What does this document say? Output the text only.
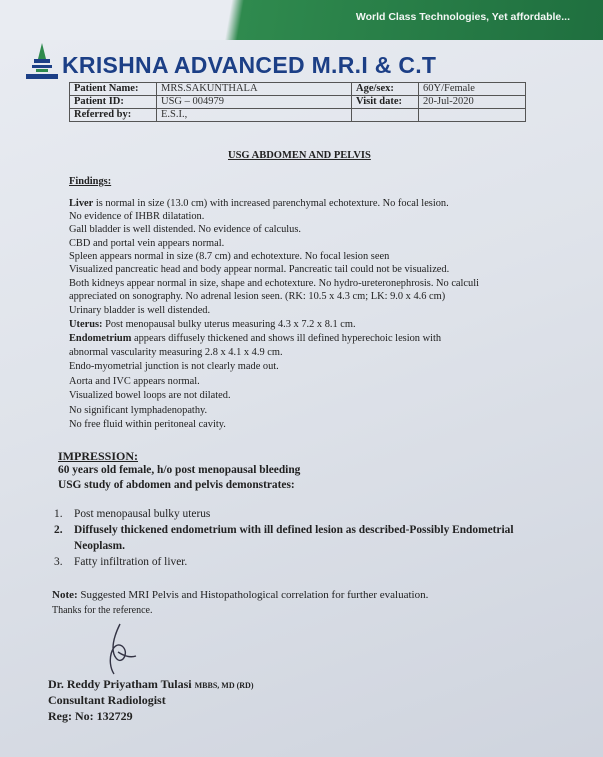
World Class Technologies, Yet affordable...
KRISHNA ADVANCED M.R.I & C.T
Patient Name:	MRS.SAKUNTHALA	Age/sex:	60Y/Female
Patient ID:	USG – 004979	Visit date:	20-Jul-2020
Referred by:	E.S.I.,		
USG ABDOMEN AND PELVIS
Findings:
Liver is normal in size (13.0 cm) with increased parenchymal echotexture. No focal lesion.
No evidence of IHBR dilatation.
Gall bladder is well distended. No evidence of calculus.
CBD and portal vein appears normal.
Spleen appears normal in size (8.7 cm) and echotexture. No focal lesion seen
Visualized pancreatic head and body appear normal. Pancreatic tail could not be visualized.
Both kidneys appear normal in size, shape and echotexture. No hydro-ureteronephrosis. No calculi
appreciated on sonography. No adrenal lesion seen. (RK: 10.5 x 4.3 cm; LK: 9.0 x 4.6 cm)
Urinary bladder is well distended.
Uterus: Post menopausal bulky uterus measuring 4.3 x 7.2 x 8.1 cm.
Endometrium appears diffusely thickened and shows ill defined hyperechoic lesion with
abnormal vascularity measuring 2.8 x 4.1 x 4.9 cm.
Endo-myometrial junction is not clearly made out.
Aorta and IVC appears normal.
Visualized bowel loops are not dilated.
No significant lymphadenopathy.
No free fluid within peritoneal cavity.
IMPRESSION:
60 years old female, h/o post menopausal bleeding
USG study of abdomen and pelvis demonstrates:
1. Post menopausal bulky uterus
2. Diffusely thickened endometrium with ill defined lesion as described-Possibly Endometrial
Neoplasm.
3. Fatty infiltration of liver.
Note: Suggested MRI Pelvis and Histopathological correlation for further evaluation.
Thanks for the reference.
Dr. Reddy Priyatham Tulasi MBBS, MD (RD)
Consultant Radiologist
Reg: No: 132729
